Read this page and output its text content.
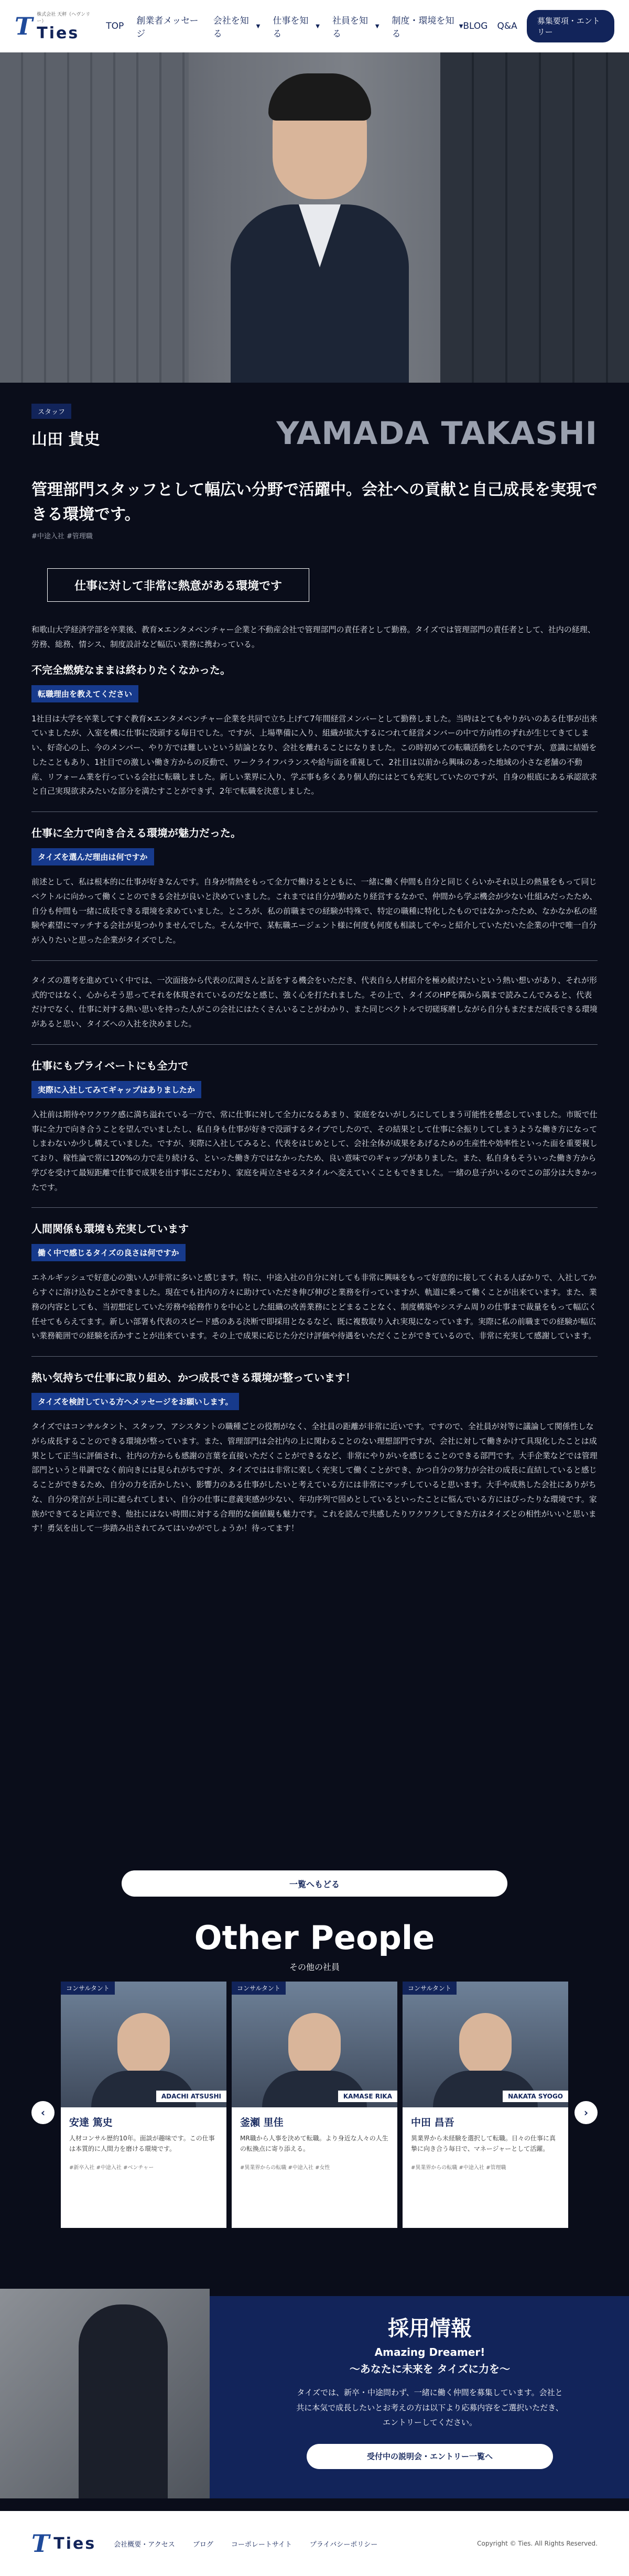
T 株式会社 天秤（ヘヴンリー）
Ties	TOP 創業者メッセージ
会社を知る
▼ 仕事を知る
▼ 社員を知る
▼ 制度・環境を知る
▼ BLOG Q&A	募集要項・エントリー
スタッフ
山田 貴史	YAMADA TAKASHI
管理部門スタッフとして幅広い分野で活躍中。会社への貢献と自己成長を実現できる環境です。
#中途入社 #管理職
仕事に対して非常に熱意がある環境です

和歌山大学経済学部を卒業後、教育×エンタメベンチャー企業と不動産会社で管理部門の責任者として勤務。タイズでは管理部門の責任者として、社内の経理、労務、総務、情シス、制度設計など幅広い業務に携わっている。

不完全燃焼なままは終わりたくなかった。
転職理由を教えてください

1社目は大学を卒業してすぐ教育×エンタメベンチャー企業を共同で立ち上げて7年間経営メンバーとして勤務しました。当時はとてもやりがいのある仕事が出来ていましたが、入室を機に仕事に没頭する毎日でした。ですが、上場準備に入り、組織が拡大するにつれて経営メンバーの中で方向性のずれが生じてきてしまい、好奇心の上、今のメンバー、やり方では難しいという結論となり、会社を離れることになりました。この時初めての転職活動をしたのですが、意識に結婚をしたこともあり、1社目での激しい働き方からの反動で、ワークライフバランスや給与面を重視して、2社目は以前から興味のあった地域の小さな老舗の不動産、リフォーム業を行っている会社に転職しました。新しい業界に入り、学ぶ事も多くあり個人的にはとても充実していたのですが、自身の根底にある承認欲求と自己実現欲求みたいな部分を満たすことができず、2年で転職を決意しました。

仕事に全力で向き合える環境が魅力だった。
タイズを選んだ理由は何ですか

前述として、私は根本的に仕事が好きなんです。自身が情熱をもって全力で働けるとともに、一緒に働く仲間も自分と同じくらいかそれ以上の熱量をもって同じベクトルに向かって働くことのできる会社が良いと決めていました。これまでは自分が勤めたり経営するなかで、仲間から学ぶ機会が少ない仕組みだったため、自分も仲間も一緒に成長できる環境を求めていました。ところが、私の前職までの経験が特殊で、特定の職種に特化したものではなかったため、なかなか私の経験や素望にマッチする会社が見つかりませんでした。そんな中で、某転職エージェント様に何度も何度も相談してやっと紹介していただいた企業の中で唯一自分が入りたいと思った企業がタイズでした。

タイズの選考を進めていく中では、一次面接から代表の広岡さんと話をする機会をいただき、代表自ら人材紹介を極め続けたいという熱い想いがあり、それが形式的ではなく、心からそう思ってそれを体現されているのだなと感じ、強く心を打たれました。その上で、タイズのHPを隅から隅まで読みこんでみると、代表だけでなく、仕事に対する熱い思いを持った人がこの会社にはたくさんいることがわかり、また同じベクトルで切磋琢磨しながら自分もまだまだ成長できる環境があると思い、タイズへの入社を決めました。

仕事にもプライベートにも全力で
実際に入社してみてギャップはありましたか

入社前は期待やワクワク感に満ち溢れている一方で、常に仕事に対して全力になるあまり、家庭をないがしろにしてしまう可能性を懸念していました。市販で仕事に全力で向き合うことを望んでいましたし、私自身も仕事が好きで没頭するタイプでしたので、その結果として仕事に全振りしてしまうような働き方になってしまわないか少し構えていました。ですが、実際に入社してみると、代表をはじめとして、会社全体が成果をあげるための生産性や効率性といった面を重要視しており、稼性論で常に120%の力で走り続ける、といった働き方ではなかったため、良い意味でのギャップがありました。また、私自身もそういった働き方から学びを受けて最短距離で仕事で成果を出す事にこだわり、家庭を両立させるスタイルへ変えていくこともできました。一緒の息子がいるのでこの部分は大きかったです。

人間関係も環境も充実しています
働く中で感じるタイズの良さは何ですか

エネルギッシュで好意心の強い人が非常に多いと感じます。特に、中途入社の自分に対しても非常に興味をもって好意的に接してくれる人ばかりで、入社してからすぐに溶け込むことができました。現在でも社内の方々に助けていただき伸び伸びと業務を行っていますが、軌道に乗って働くことが出来ています。また、業務の内容としても、当初想定していた労務や給務作りを中心とした組織の改善業務にとどまることなく、制度構築やシステム周りの仕事まで裁量をもって幅広く任せてもらえてます。新しい部署も代表のスピード感のある決断で即採用となるなど、既に複数取り入れ実現になっています。実際に私の前職までの経験が幅広い業務範囲での経験を活かすことが出来ています。その上で成果に応じた分だけ評価や待遇をいただくことができているので、非常に充実して感謝しています。

熱い気持ちで仕事に取り組め、かつ成長できる環境が整っています！
タイズを検討している方へメッセージをお願いします。

タイズではコンサルタント、スタッフ、アシスタントの職種ごとの役割がなく、全社員の距離が非常に近いです。ですので、全社員が対等に議論して関係性しながら成長することのできる環境が整っています。また、管理部門は会社内の上に関わることのない理想部門ですが、会社に対して働きかけて具現化したことは成果として正当に評価され、社内の方からも感謝の言葉を直接いただくことができるなど、非常にやりがいを感じることのできる部門です。大手企業などでは管理部門というと単調でなく前向きには見られがちですが、タイズではは非常に楽しく充実して働くことができ、かつ自分の努力が会社の成長に直結していると感じることができるため、自分の力を活かしたい、影響力のある仕事がしたいと考えている方には非常にマッチしていると思います。大手や成熟した会社にありがちな、自分の発言が上司に遮られてしまい、自分の仕事に意義実感が少ない、年功序列で固めとしているといったことに悩んでいる方にはぴったりな環境です。家族ができてると両立でき、他社にはない時間に対する合理的な価値観も魅力です。これを読んで共感したりワクワクしてきた方はタイズとの相性がいいと思います！勇気を出して一歩踏み出されてみてはいかがでしょうか！待ってます！

一覧へもどる
Other People
その他の社員
‹	›
コンサルタント
ADACHI ATSUSHI
安達 篤史
人材コンサル歴約10年。面談が趣味です。この仕事は本質的に人間力を磨ける環境です。
#新卒入社 #中途入社 #ベンチャー
コンサルタント
KAMASE RIKA
釜瀬 里佳
MR職から人事を決めて転職。より身近な人々の人生の転換点に寄り添える。
#異業界からの転職 #中途入社 #女性
コンサルタント
NAKATA SYOGO
中田 昌吾
異業界から未経験を選択して転職。日々の仕事に真摯に向き合う毎日で、マネージャーとして活躍。
#異業界からの転職 #中途入社 #管理職
採用情報
Amazing Dreamer!
〜あなたに未来を タイズに力を〜
タイズでは、新卒・中途問わず、一緒に働く仲間を募集しています。会社と共に本気で成長したいとお考えの方は以下より応募内容をご選択いただき、エントリーしてください。
受付中の説明会・エントリー一覧へ
T Ties	会社概要・アクセス	ブログ	コーポレートサイト	プライバシーポリシー	Copyright © Ties. All Rights Reserved.
